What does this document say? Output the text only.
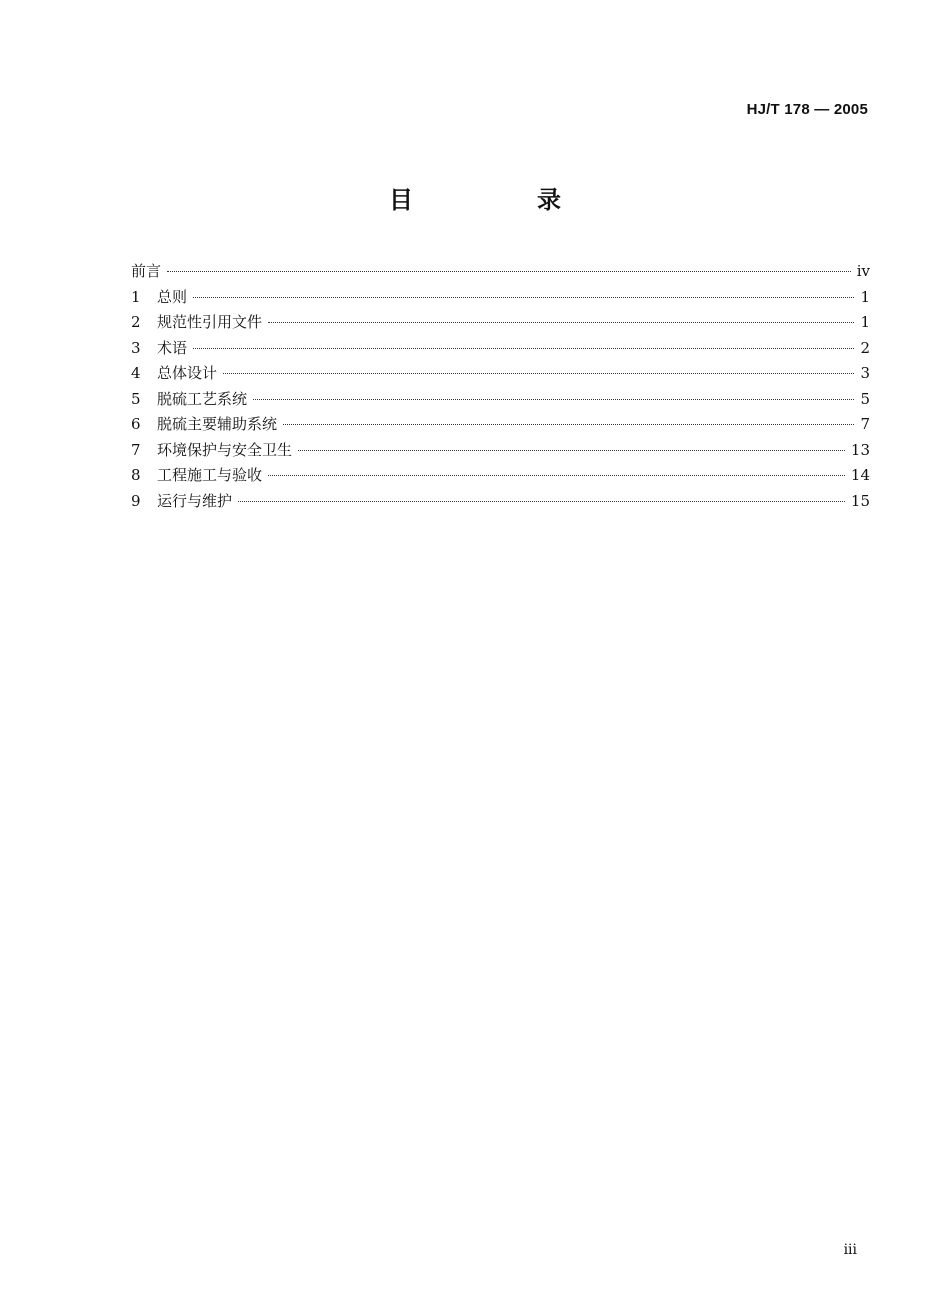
HJ/T 178 — 2005
目　录
前言	iv
1	总则	1
2	规范性引用文件	1
3	术语	2
4	总体设计	3
5	脱硫工艺系统	5
6	脱硫主要辅助系统	7
7	环境保护与安全卫生	13
8	工程施工与验收	14
9	运行与维护	15
iii
